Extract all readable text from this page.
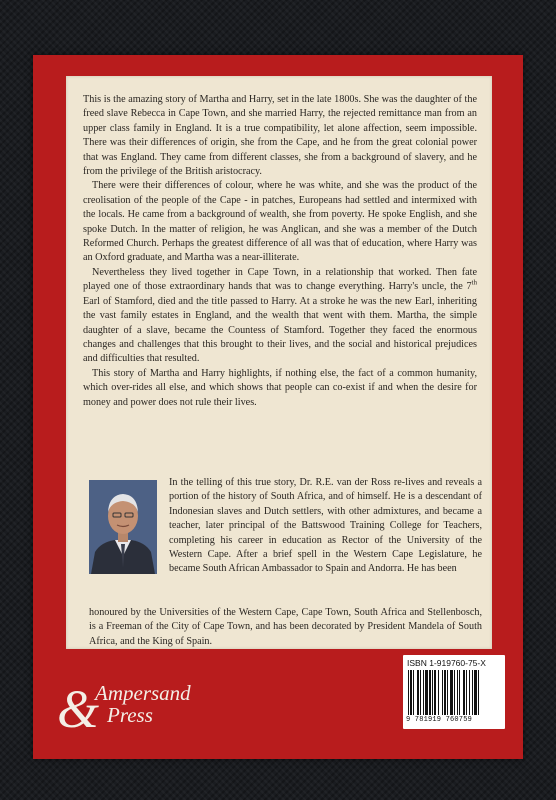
This is the amazing story of Martha and Harry, set in the late 1800s. She was the daughter of the freed slave Rebecca in Cape Town, and she married Harry, the rejected remittance man from an upper class family in England. It is a true compatibility, let alone affection, seem impossible. There was their differences of origin, she from the Cape, and he from the great colonial power that was England. They came from different classes, she from a background of slavery, and he from the privilege of the British aristocracy.

There were their differences of colour, where he was white, and she was the product of the creolisation of the people of the Cape - in patches, Europeans had settled and intermixed with the locals. He came from a background of wealth, she from poverty. He spoke English, and she spoke Dutch. In the matter of religion, he was Anglican, and she was a member of the Dutch Reformed Church. Perhaps the greatest difference of all was that of education, where Harry was an Oxford graduate, and Martha was a near-illiterate.

Nevertheless they lived together in Cape Town, in a relationship that worked. Then fate played one of those extraordinary hands that was to change everything. Harry's uncle, the 7th Earl of Stamford, died and the title passed to Harry. At a stroke he was the new Earl, inheriting the vast family estates in England, and the wealth that went with them. Martha, the simple daughter of a slave, became the Countess of Stamford. Together they faced the enormous changes and challenges that this brought to their lives, and the social and historical prejudices and difficulties that resulted.

This story of Martha and Harry highlights, if nothing else, the fact of a common humanity, which over-rides all else, and which shows that people can co-exist if and when the desire for money and power does not rule their lives.

In the telling of this true story, Dr. R.E. van der Ross re-lives and reveals a portion of the history of South Africa, and of himself. He is a descendant of Indonesian slaves and Dutch settlers, with other admixtures, and became a teacher, later principal of the Battswood Training College for Teachers, completing his career in education as Rector of the University of the Western Cape. After a brief spell in the Western Cape Legislature, he became South African Ambassador to Spain and Andorra. He has been
honoured by the Universities of the Western Cape, Cape Town, South Africa and Stellenbosch, is a Freeman of the City of Cape Town, and has been decorated by President Mandela of South Africa, and the King of Spain.
&
Ampersand
Press
ISBN 1-919760-75-X
9 781919 760759
